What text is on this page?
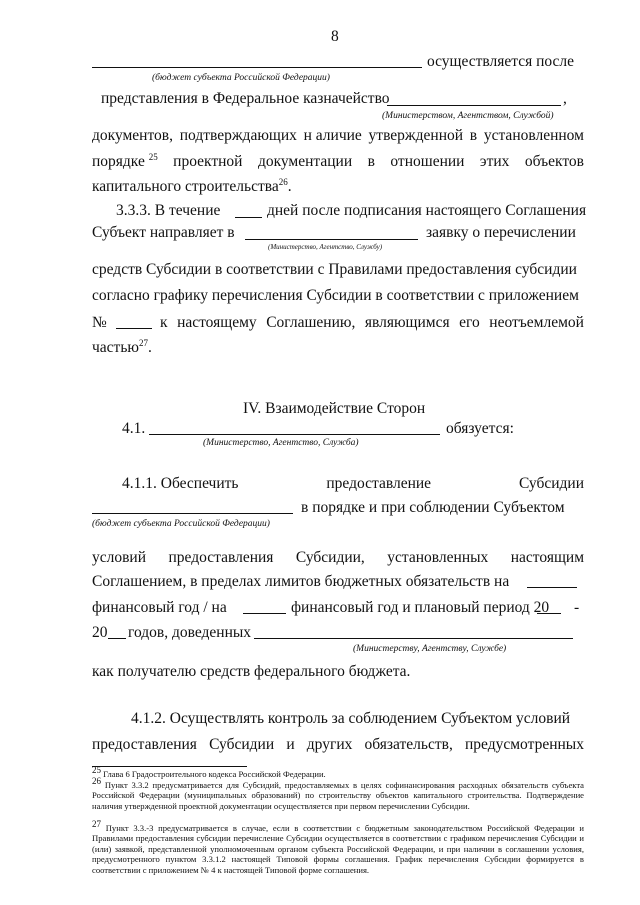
8
осуществляется после
(бюджет субъекта Российской Федерации)
представления в Федеральное казначейство	,
(Министерством, Агентством, Службой)
документов, подтверждающих н аличие утвержденной в установленном
порядке $^{25}$ проектной документации в отношении этих объектов
капитального строительства$^{26}$.
3.3.3. В течение	дней после подписания настоящего Соглашения
Субъект направляет в	заявку о перечислении
(Министерство, Агентство, Службу)
средств Субсидии в соответствии с Правилами предоставления субсидии
согласно графику перечисления Субсидии в соответствии с приложением
№	к настоящему Соглашению, являющимся его неотъемлемой
частью$^{27}$.
IV. Взаимодействие Сторон
4.1.	обязуется:
(Министерство, Агентство, Служба)
4.1.1. Обеспечить	предоставление	Субсидии
в порядке и при соблюдении Субъектом
(бюджет субъекта Российской Федерации)
условий предоставления Субсидии, установленных настоящим
Соглашением, в пределах лимитов бюджетных обязательств на
финансовый год / на	финансовый год и плановый период 20 -
20 годов, доведенных
(Министерству, Агентству, Службе)
как получателю средств федерального бюджета.
4.1.2. Осуществлять контроль за соблюдением Субъектом условий
предоставления Субсидии и других обязательств, предусмотренных
$^{25}$ Глава 6 Градостроительного кодекса Российской Федерации.
$^{26}$ Пункт 3.3.2 предусматривается для Субсидий, предоставляемых в целях софинансирования расходных обязательств субъекта Российской Федерации (муниципальных образований) по строительству объектов капитального строительства. Подтверждение наличия утвержденной проектной документации осуществляется при первом перечислении Субсидии.
$^{27}$ Пункт 3.3.-3 предусматривается в случае, если в соответствии с бюджетным законодательством Российской Федерации и Правилами предоставления субсидии перечисление Субсидии осуществляется в соответствии с графиком перечисления Субсидии и (или) заявкой, представленной уполномоченным органом субъекта Российской Федерации, и при наличии в соглашении условия, предусмотренного пунктом 3.3.1.2 настоящей Типовой формы соглашения. График перечисления Субсидии формируется в соответствии с приложением № 4 к настоящей Типовой форме соглашения.
